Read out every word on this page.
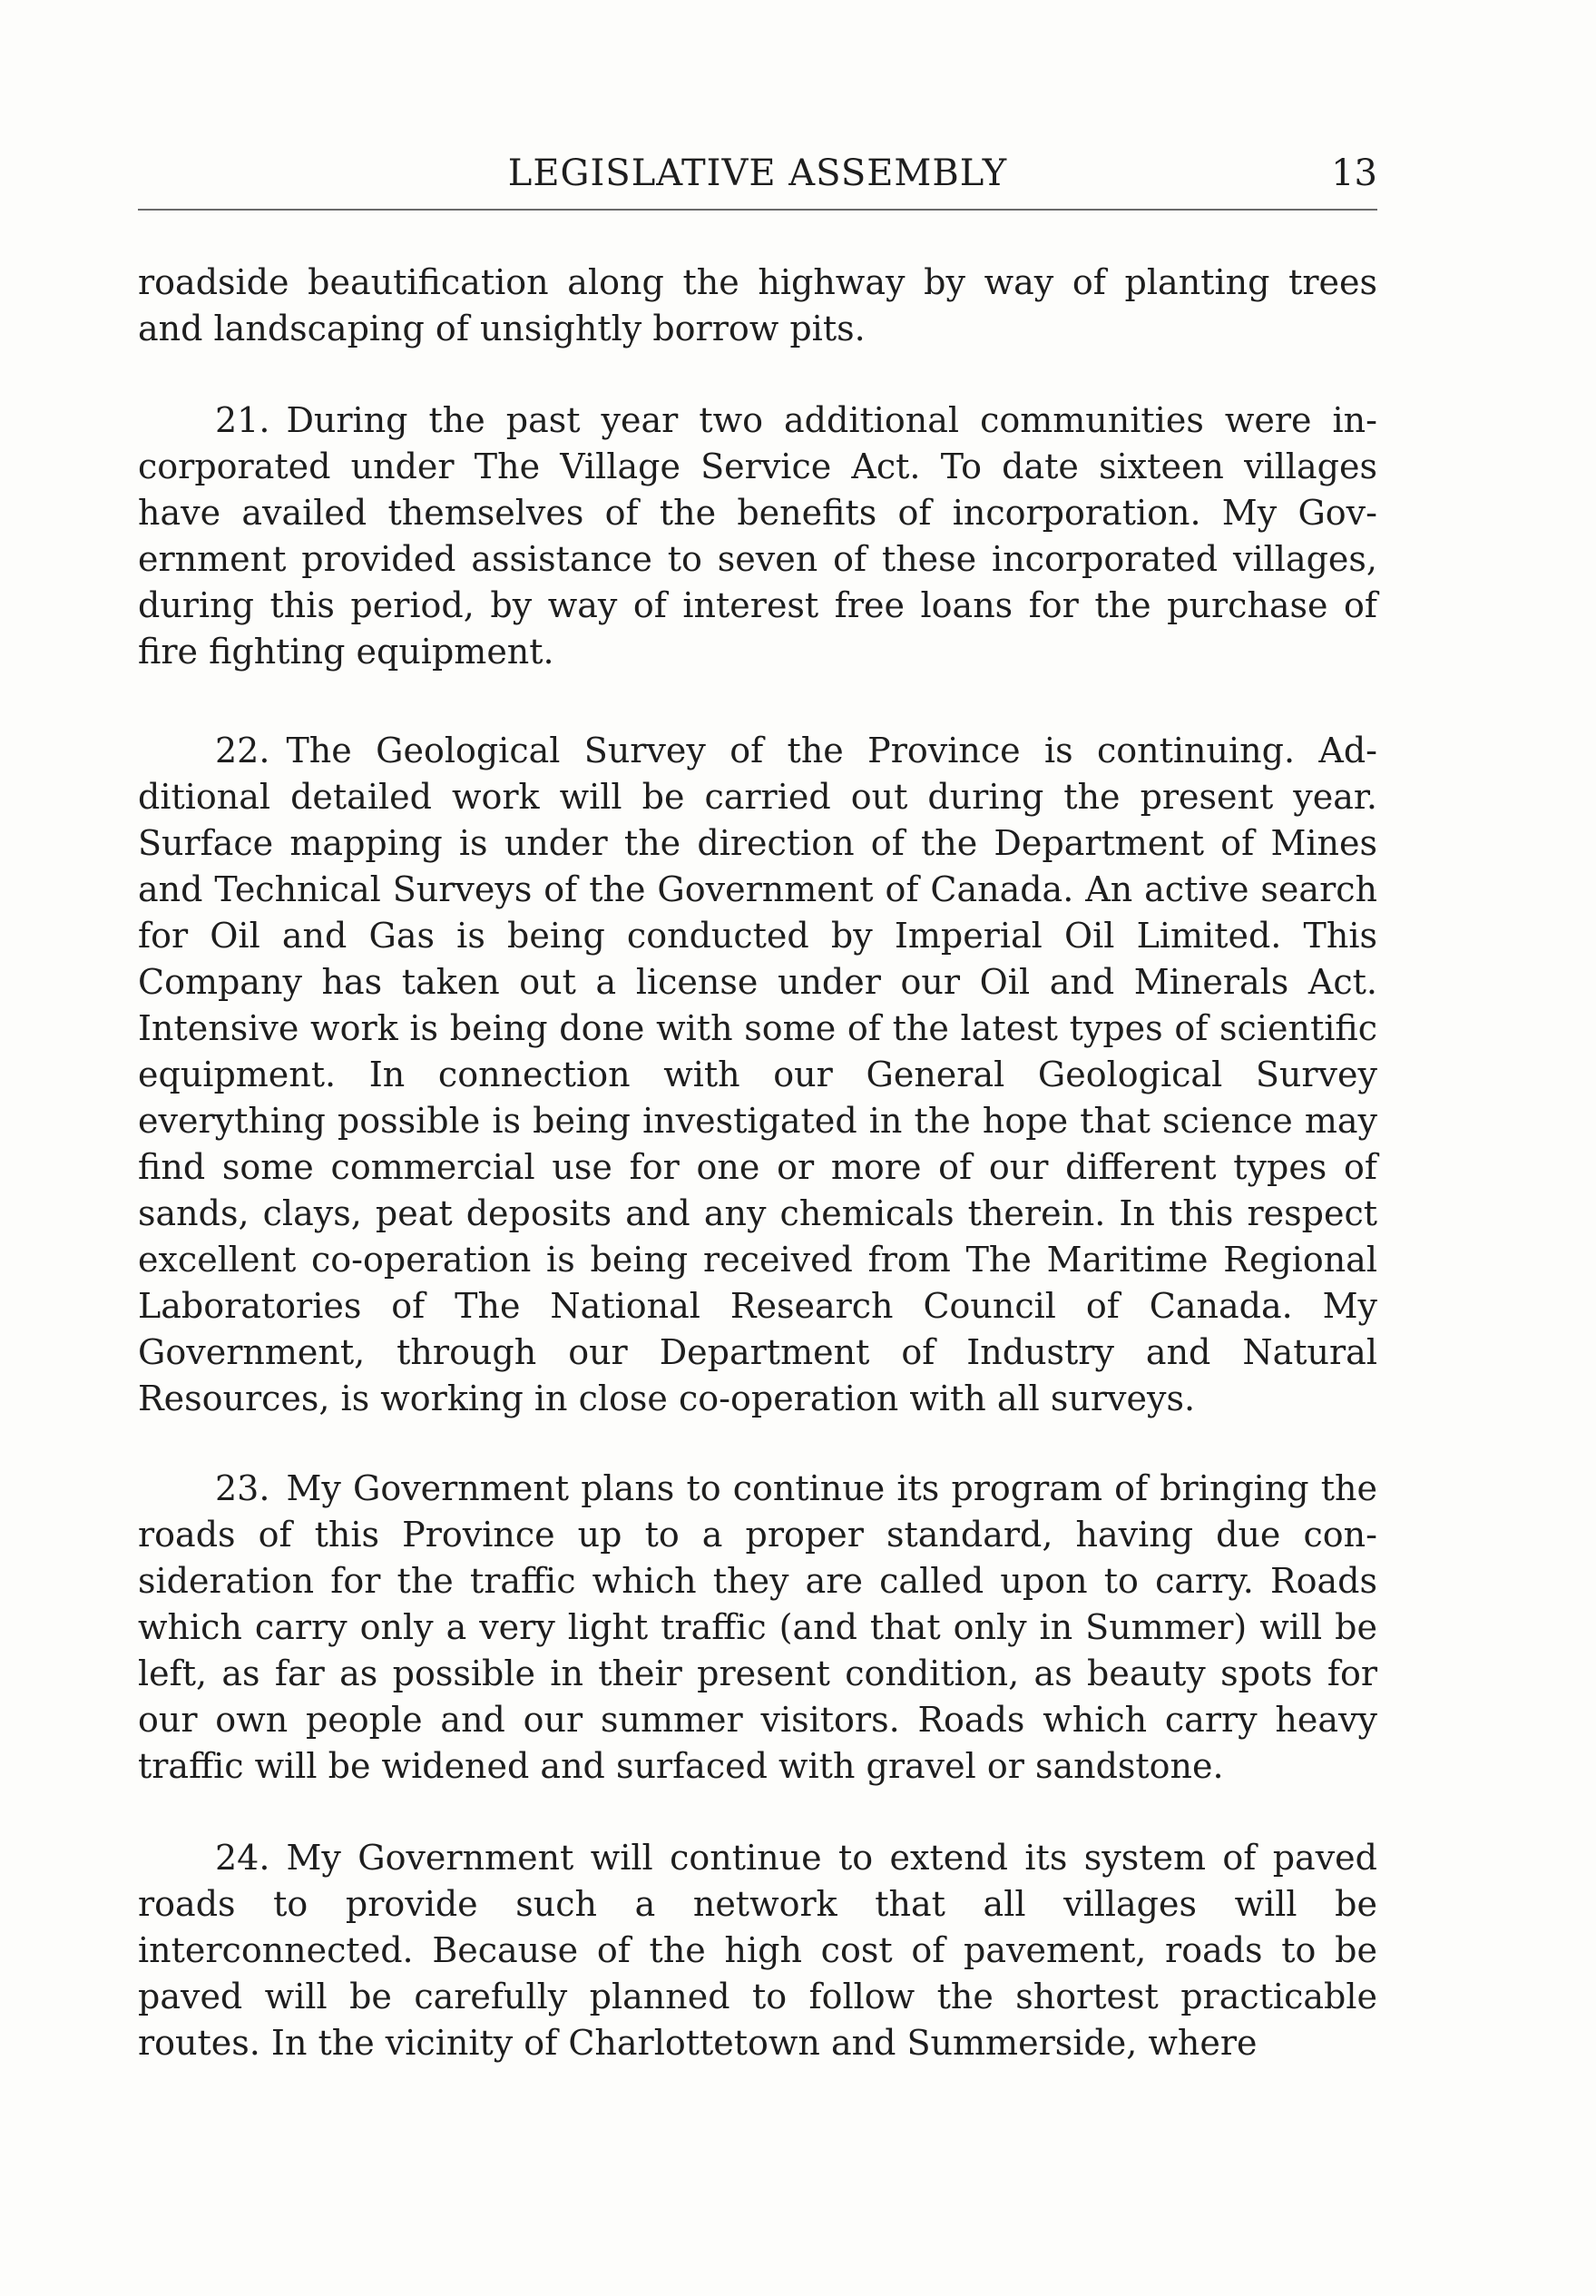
LEGISLATIVE ASSEMBLY	13

roadside beautification along the highway by way of planting trees and landscaping of unsightly borrow pits.

21. During the past year two additional communities were incorporated under The Village Service Act. To date sixteen villages have availed themselves of the benefits of incorporation. My Government provided assistance to seven of these incorporated villages, during this period, by way of interest free loans for the purchase of fire fighting equipment.

22. The Geological Survey of the Province is continuing. Additional detailed work will be carried out during the present year. Surface mapping is under the direction of the Department of Mines and Technical Surveys of the Government of Canada. An active search for Oil and Gas is being conducted by Imperial Oil Limited. This Company has taken out a license under our Oil and Minerals Act. Intensive work is being done with some of the latest types of scientific equipment. In connection with our General Geological Survey everything possible is being investigated in the hope that science may find some commercial use for one or more of our different types of sands, clays, peat deposits and any chemicals therein. In this respect excellent co-operation is being received from The Maritime Regional Laboratories of The National Research Council of Canada. My Government, through our Department of Industry and Natural Resources, is working in close co-operation with all surveys.

23. My Government plans to continue its program of bringing the roads of this Province up to a proper standard, having due consideration for the traffic which they are called upon to carry. Roads which carry only a very light traffic (and that only in Summer) will be left, as far as possible in their present condition, as beauty spots for our own people and our summer visitors. Roads which carry heavy traffic will be widened and surfaced with gravel or sandstone.

24. My Government will continue to extend its system of paved roads to provide such a network that all villages will be interconnected. Because of the high cost of pavement, roads to be paved will be carefully planned to follow the shortest practicable routes. In the vicinity of Charlottetown and Summerside, where
